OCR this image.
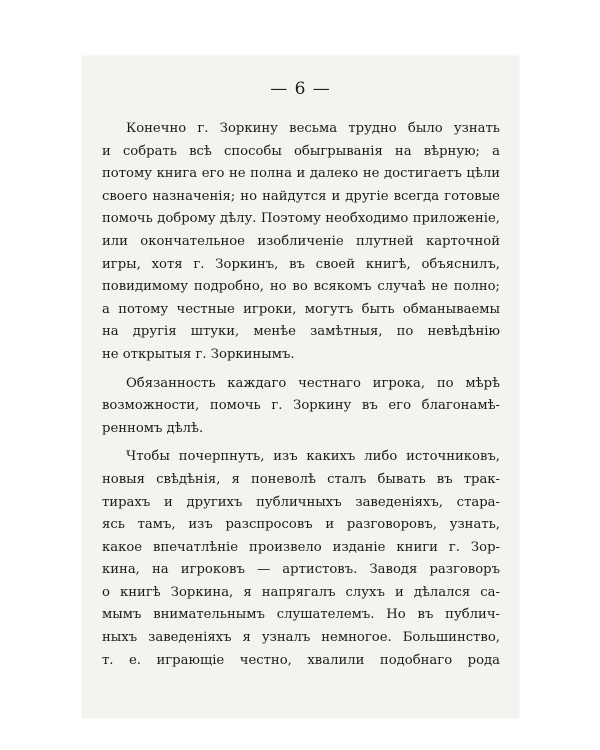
— 6 —
Конечно г. Зоркину весьма трудно было узнать
и собрать всѣ способы обыгрыванія на вѣрную; а
потому книга его не полна и далеко не достигаетъ цѣли
своего назначенія; но найдутся и другіе всегда готовые
помочь доброму дѣлу. Поэтому необходимо приложеніе,
или окончательное изобличеніе плутней карточной
игры, хотя г. Зоркинъ, въ своей книгѣ, объяснилъ,
повидимому подробно, но во всякомъ случаѣ не полно;
а потому честные игроки, могутъ быть обманываемы
на другія штуки, менѣе замѣтныя, по невѣдѣнію
не открытыя г. Зоркинымъ.
Обязанность каждаго честнаго игрока, по мѣрѣ
возможности, помочь г. Зоркину въ его благонамѣ-
ренномъ дѣлѣ.
Чтобы почерпнуть, изъ какихъ либо источниковъ,
новыя свѣдѣнія, я поневолѣ сталъ бывать въ трак-
тирахъ и другихъ публичныхъ заведеніяхъ, стара-
ясь тамъ, изъ разспросовъ и разговоровъ, узнать,
какое впечатлѣніе произвело изданіе книги г. Зор-
кина, на игроковъ — артистовъ. Заводя разговоръ
о книгѣ Зоркина, я напрягалъ слухъ и дѣлался са-
мымъ внимательнымъ слушателемъ. Но въ публич-
ныхъ заведеніяхъ я узналъ немногое. Большинство,
т. е. играющіе честно, хвалили подобнаго рода
